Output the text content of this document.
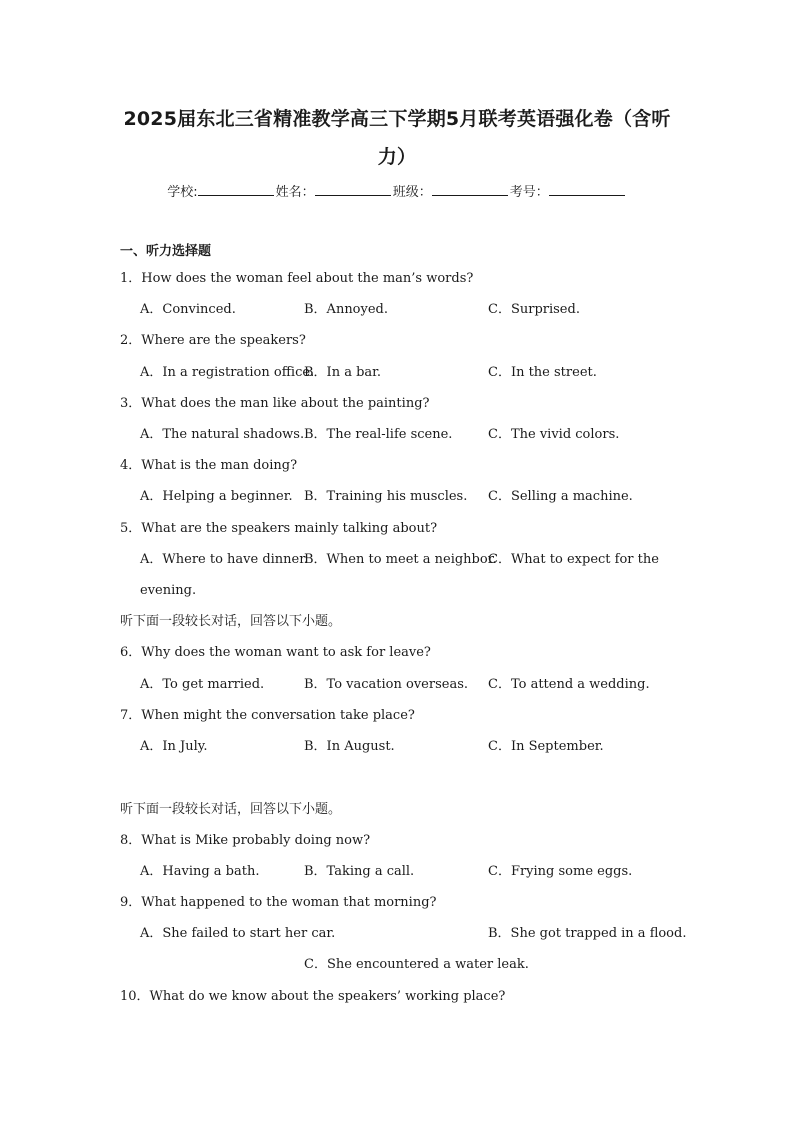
2025届东北三省精准教学高三下学期5月联考英语强化卷（含听力）
学校:	姓名：	班级：	考号：
一、听力选择题
1．How does the woman feel about the man’s words?
A．Convinced.	B．Annoyed.	C．Surprised.
2．Where are the speakers?
A．In a registration office.
B．In a bar.	C．In the street.
3．What does the man like about the painting?
A．The natural shadows. B．The real-life scene.	C．The vivid colors.
4．What is the man doing?
A．Helping a beginner. B．Training his muscles. C．Selling a machine.
5．What are the speakers mainly talking about?
A．Where to have dinner.
B．When to meet a neighbor.
C．What to expect for the
evening.
听下面一段较长对话，回答以下小题。
6．Why does the woman want to ask for leave?
A．To get married.	B．To vacation overseas. C．To attend a wedding.
7．When might the conversation take place?
A．In July.	B．In August.	C．In September.
听下面一段较长对话，回答以下小题。
8．What is Mike probably doing now?
A．Having a bath.	B．Taking a call.	C．Frying some eggs.
9．What happened to the woman that morning?
A．She failed to start her car.	B．She got trapped in a flood.
C．She encountered a water leak.
10．What do we know about the speakers’ working place?
